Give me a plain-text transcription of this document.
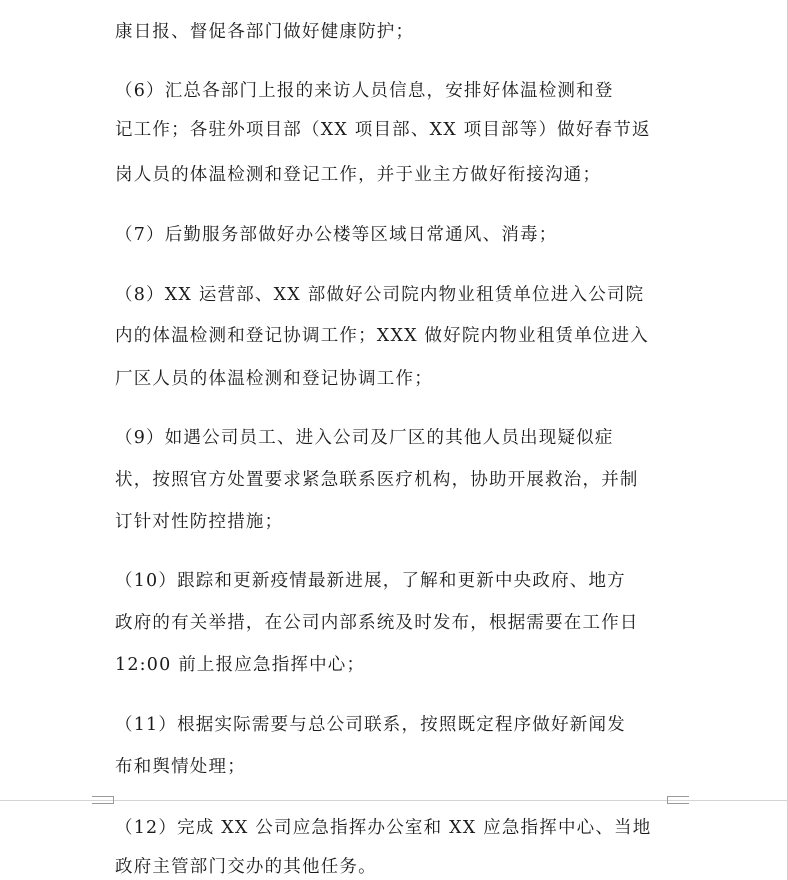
康日报、督促各部门做好健康防护；

（6）汇总各部门上报的来访人员信息，安排好体温检测和登

记工作；各驻外项目部（XX 项目部、XX 项目部等）做好春节返

岗人员的体温检测和登记工作，并于业主方做好衔接沟通；

（7）后勤服务部做好办公楼等区域日常通风、消毒；

（8）XX 运营部、XX 部做好公司院内物业租赁单位进入公司院

内的体温检测和登记协调工作；XXX 做好院内物业租赁单位进入

厂区人员的体温检测和登记协调工作；

（9）如遇公司员工、进入公司及厂区的其他人员出现疑似症

状，按照官方处置要求紧急联系医疗机构，协助开展救治，并制

订针对性防控措施；

（10）跟踪和更新疫情最新进展，了解和更新中央政府、地方

政府的有关举措，在公司内部系统及时发布，根据需要在工作日

12:00 前上报应急指挥中心；

（11）根据实际需要与总公司联系，按照既定程序做好新闻发

布和舆情处理；

（12）完成 XX 公司应急指挥办公室和 XX 应急指挥中心、当地

政府主管部门交办的其他任务。
